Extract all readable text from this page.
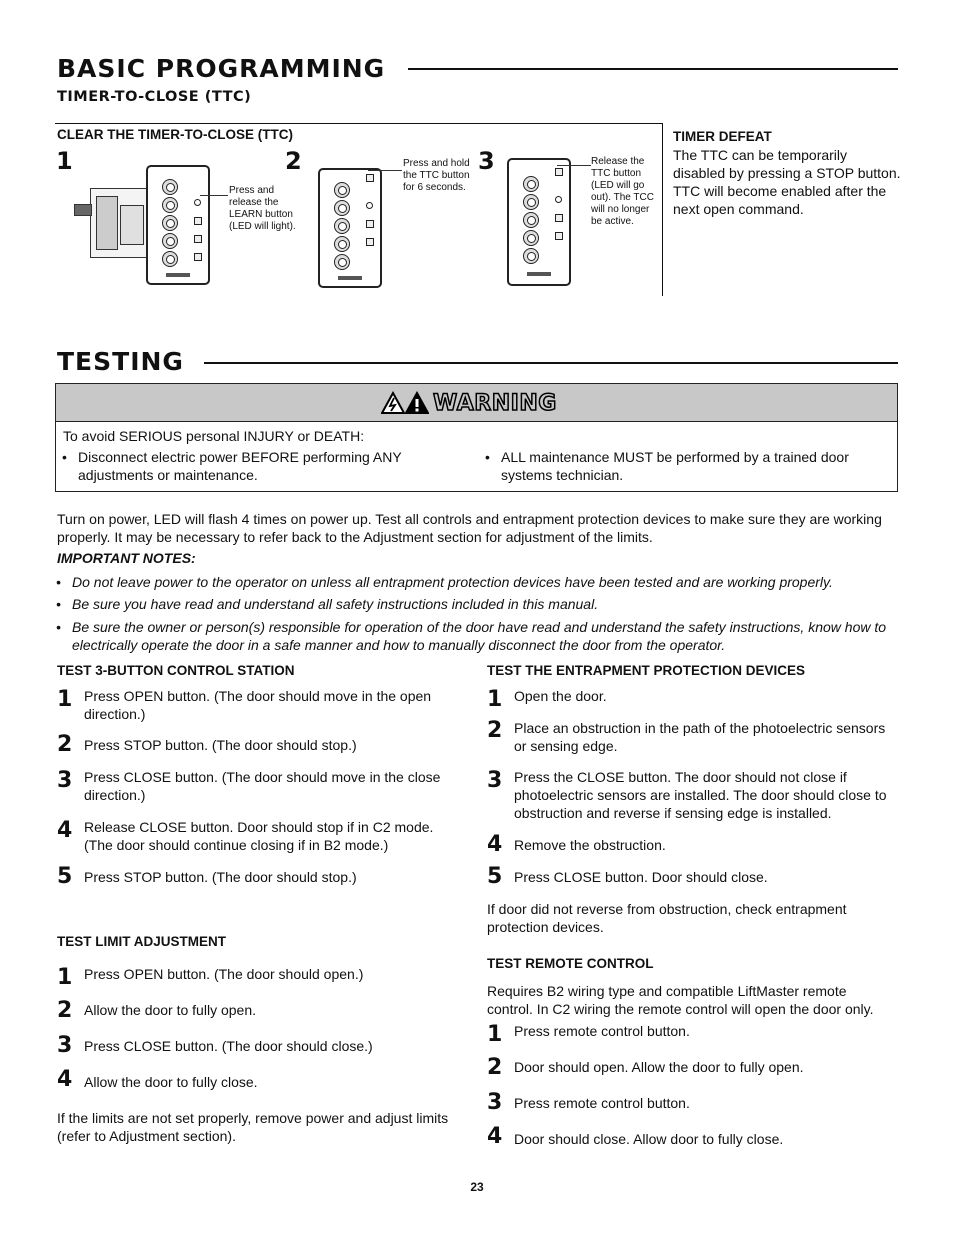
BASIC PROGRAMMING
TIMER-TO-CLOSE (TTC)
CLEAR THE TIMER-TO-CLOSE (TTC)
1	2	3
Press and release the LEARN button (LED will light).
Press and hold the TTC button for 6 seconds.
Release the TTC button (LED will go out). The TCC will no longer be active.
TIMER DEFEAT
The TTC can be temporarily disabled by pressing a STOP button. TTC will become enabled after the next open command.
TESTING
WARNING
To avoid SERIOUS personal INJURY or DEATH:
• Disconnect electric power BEFORE performing ANY adjustments or maintenance.
• ALL maintenance MUST be performed by a trained door systems technician.
Turn on power, LED will flash 4 times on power up. Test all controls and entrapment protection devices to make sure they are working properly. It may be necessary to refer back to the Adjustment section for adjustment of the limits.
IMPORTANT NOTES:
• Do not leave power to the operator on unless all entrapment protection devices have been tested and are working properly.
• Be sure you have read and understand all safety instructions included in this manual.
• Be sure the owner or person(s) responsible for operation of the door have read and understand the safety instructions, know how to electrically operate the door in a safe manner and how to manually disconnect the door from the operator.
TEST 3-BUTTON CONTROL STATION
1 Press OPEN button. (The door should move in the open direction.)
2 Press STOP button. (The door should stop.)
3 Press CLOSE button. (The door should move in the close direction.)
4 Release CLOSE button. Door should stop if in C2 mode. (The door should continue closing if in B2 mode.)
5 Press STOP button. (The door should stop.)
TEST LIMIT ADJUSTMENT
1 Press OPEN button. (The door should open.)
2 Allow the door to fully open.
3 Press CLOSE button. (The door should close.)
4 Allow the door to fully close.
If the limits are not set properly, remove power and adjust limits (refer to Adjustment section).
TEST THE ENTRAPMENT PROTECTION DEVICES
1 Open the door.
2 Place an obstruction in the path of the photoelectric sensors or sensing edge.
3 Press the CLOSE button. The door should not close if photoelectric sensors are installed. The door should close to obstruction and reverse if sensing edge is installed.
4 Remove the obstruction.
5 Press CLOSE button. Door should close.
If door did not reverse from obstruction, check entrapment protection devices.
TEST REMOTE CONTROL
Requires B2 wiring type and compatible LiftMaster remote control. In C2 wiring the remote control will open the door only.
1 Press remote control button.
2 Door should open. Allow the door to fully open.
3 Press remote control button.
4 Door should close. Allow door to fully close.
23
